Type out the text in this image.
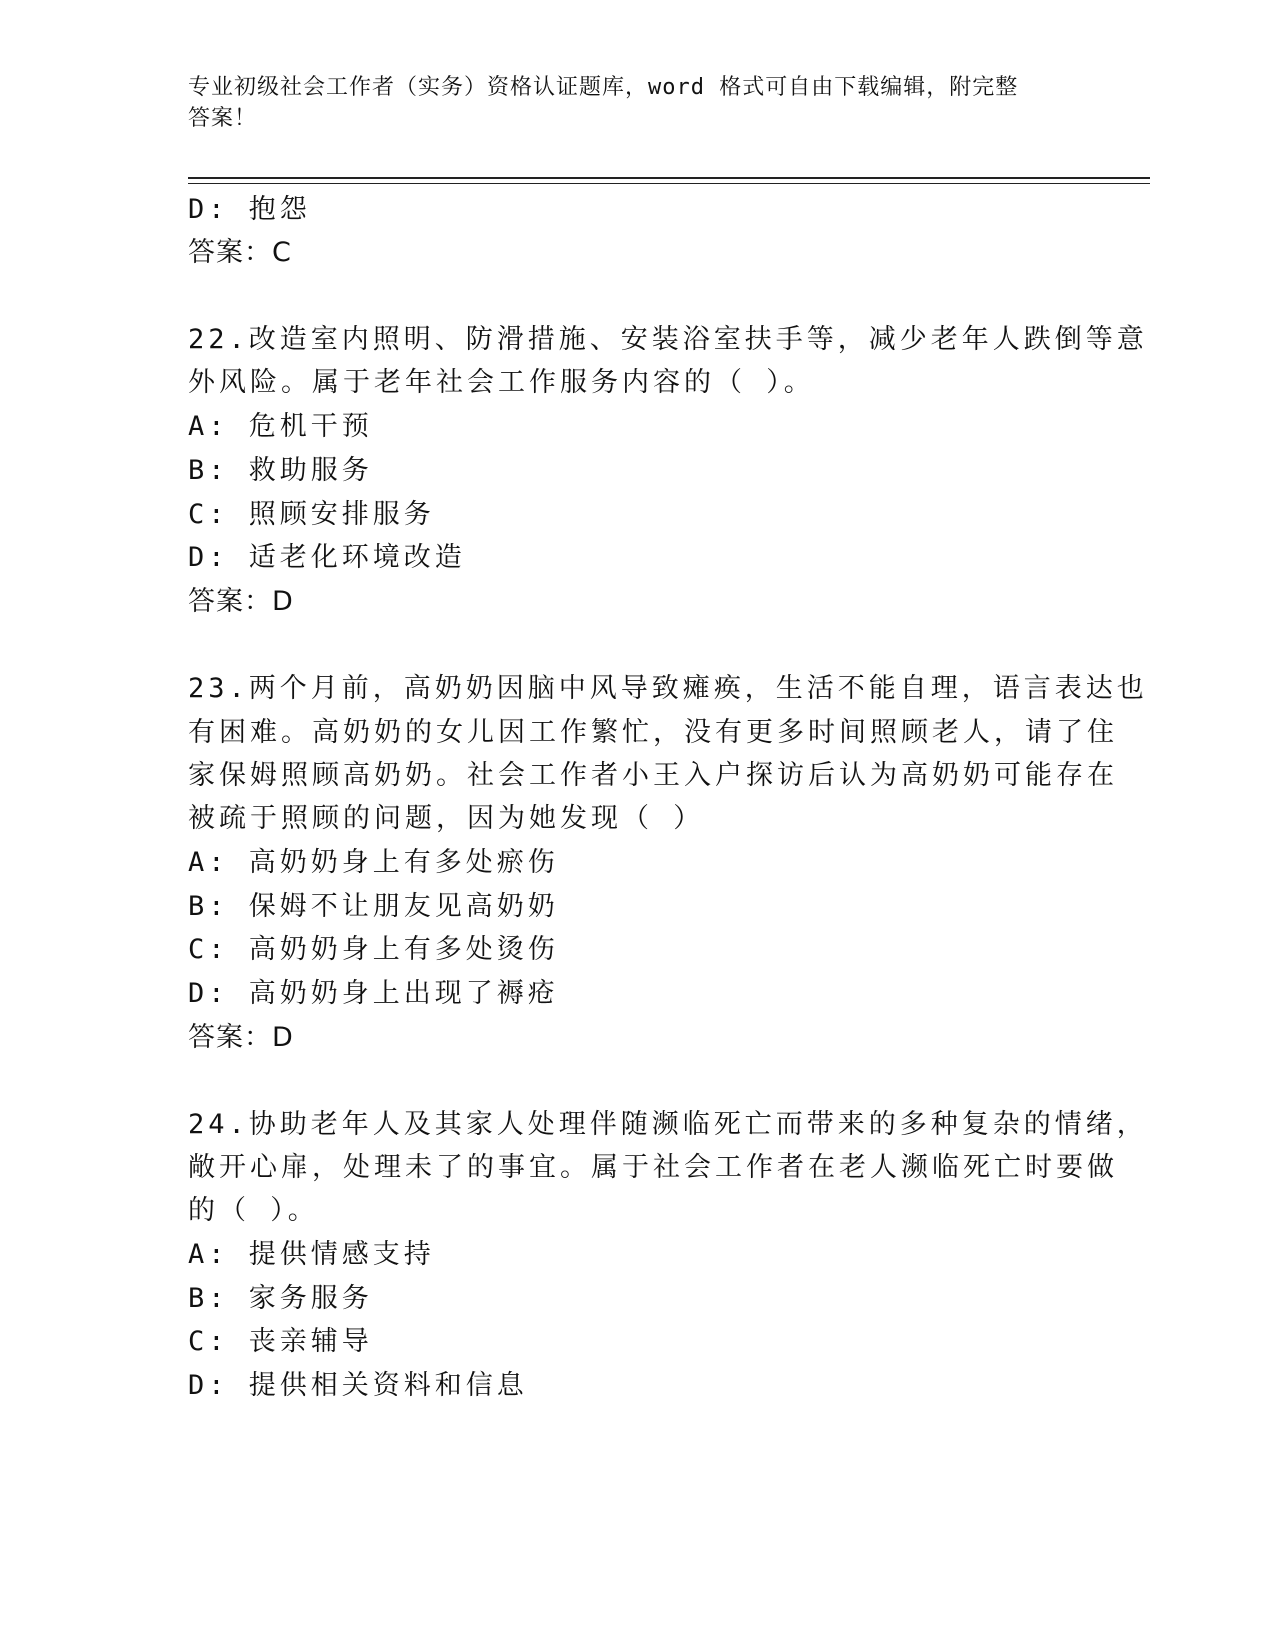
专业初级社会工作者（实务）资格认证题库，word 格式可自由下载编辑，附完整
答案！
D: 抱怨
答案：C
22.改造室内照明、防滑措施、安装浴室扶手等，减少老年人跌倒等意
外风险。属于老年社会工作服务内容的（ ）。
A: 危机干预
B: 救助服务
C: 照顾安排服务
D: 适老化环境改造
答案：D
23.两个月前，高奶奶因脑中风导致瘫痪，生活不能自理，语言表达也
有困难。高奶奶的女儿因工作繁忙，没有更多时间照顾老人，请了住
家保姆照顾高奶奶。社会工作者小王入户探访后认为高奶奶可能存在
被疏于照顾的问题，因为她发现（ ）
A: 高奶奶身上有多处瘀伤
B: 保姆不让朋友见高奶奶
C: 高奶奶身上有多处烫伤
D: 高奶奶身上出现了褥疮
答案：D
24.协助老年人及其家人处理伴随濒临死亡而带来的多种复杂的情绪，
敞开心扉，处理未了的事宜。属于社会工作者在老人濒临死亡时要做
的（ ）。
A: 提供情感支持
B: 家务服务
C: 丧亲辅导
D: 提供相关资料和信息
